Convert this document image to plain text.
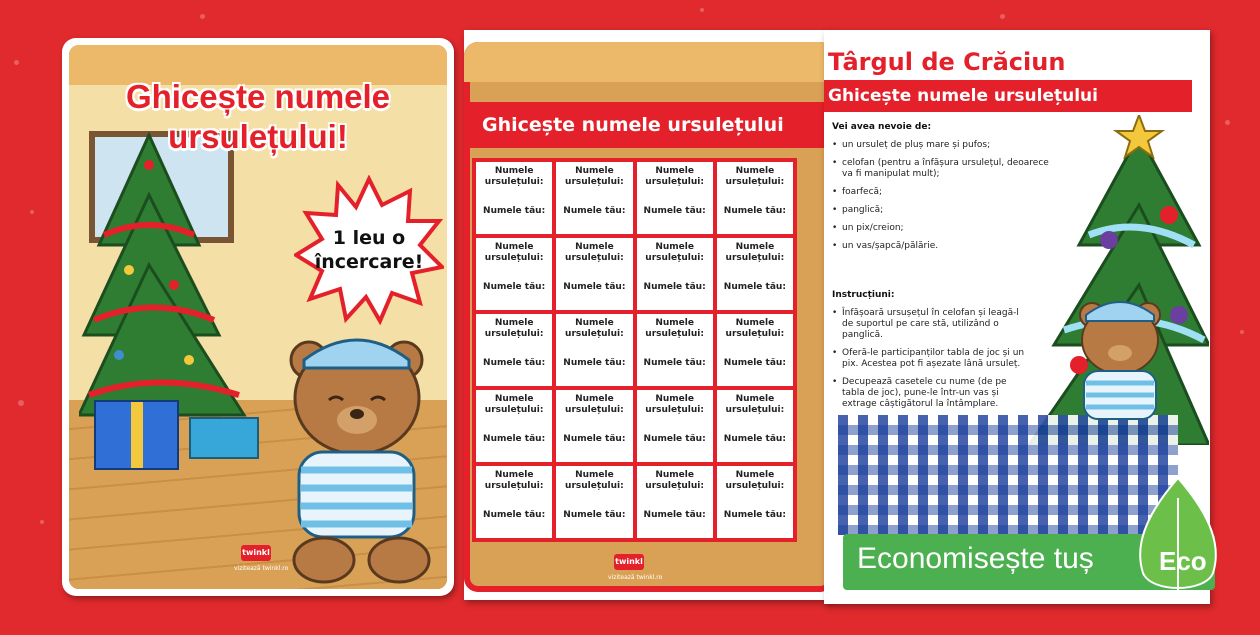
Ghicește numele ursulețului!
1 leu o încercare!
twinkl
vizitează twinkl.ro
Ghicește numele ursulețului
Numele ursulețului:
Numele tău:
Numele ursulețului:
Numele tău:
Numele ursulețului:
Numele tău:
Numele ursulețului:
Numele tău:
Numele ursulețului:
Numele tău:
Numele ursulețului:
Numele tău:
Numele ursulețului:
Numele tău:
Numele ursulețului:
Numele tău:
Numele ursulețului:
Numele tău:
Numele ursulețului:
Numele tău:
Numele ursulețului:
Numele tău:
Numele ursulețului:
Numele tău:
Numele ursulețului:
Numele tău:
Numele ursulețului:
Numele tău:
Numele ursulețului:
Numele tău:
Numele ursulețului:
Numele tău:
Numele ursulețului:
Numele tău:
Numele ursulețului:
Numele tău:
Numele ursulețului:
Numele tău:
Numele ursulețului:
Numele tău:
twinkl
vizitează twinkl.ro
Târgul de Crăciun
Ghicește numele ursulețului
Vei avea nevoie de:
• un ursuleț de pluș mare și pufos;
• celofan (pentru a înfășura ursulețul, deoarece va fi manipulat mult);
• foarfecă;
• panglică;
• un pix/creion;
• un vas/șapcă/pălărie.
Instrucțiuni:
• Înfășoară ursușețul în celofan și leagă-l de suportul pe care stă, utilizând o panglică.
• Oferă-le participanților tabla de joc și un pix. Acestea pot fi așezate lână ursuleț.
• Decupează casetele cu nume (de pe tabla de joc), pune-le într-un vas și extrage câștigătorul la întâmplare.
Economisește tuș	Eco
